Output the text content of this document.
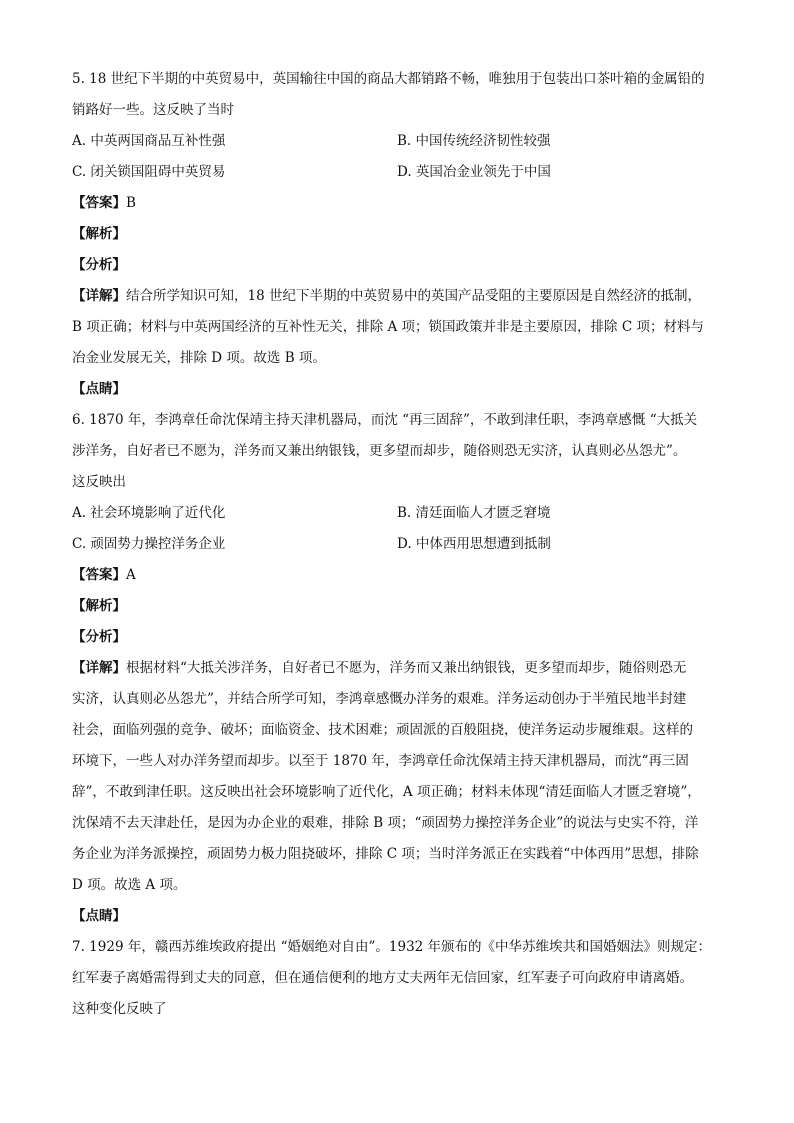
5. 18 世纪下半期的中英贸易中，英国输往中国的商品大都销路不畅，唯独用于包装出口茶叶箱的金属铅的
销路好一些。这反映了当时
A. 中英两国商品互补性强	B. 中国传统经济韧性较强
C. 闭关锁国阻碍中英贸易	D. 英国冶金业领先于中国
【答案】B
【解析】
【分析】
【详解】结合所学知识可知，18 世纪下半期的中英贸易中的英国产品受阻的主要原因是自然经济的抵制，
B 项正确；材料与中英两国经济的互补性无关，排除 A 项；锁国政策并非是主要原因，排除 C 项；材料与
冶金业发展无关，排除 D 项。故选 B 项。
【点睛】
6. 1870 年，李鸿章任命沈保靖主持天津机器局，而沈 “再三固辞”，不敢到津任职，李鸿章感慨 “大抵关
涉洋务，自好者已不愿为，洋务而又兼出纳银钱，更多望而却步，随俗则恐无实济，认真则必丛怨尤”。
这反映出
A. 社会环境影响了近代化	B. 清廷面临人才匮乏窘境
C. 顽固势力操控洋务企业	D. 中体西用思想遭到抵制
【答案】A
【解析】
【分析】
【详解】根据材料“大抵关涉洋务，自好者已不愿为，洋务而又兼出纳银钱，更多望而却步，随俗则恐无
实济，认真则必丛怨尤”，并结合所学可知，李鸿章感慨办洋务的艰难。洋务运动创办于半殖民地半封建
社会，面临列强的竞争、破坏；面临资金、技术困难；顽固派的百般阻挠，使洋务运动步履维艰。这样的
环境下，一些人对办洋务望而却步。以至于 1870 年，李鸿章任命沈保靖主持天津机器局，而沈“再三固
辞”，不敢到津任职。这反映出社会环境影响了近代化，A 项正确；材料未体现“清廷面临人才匮乏窘境”，
沈保靖不去天津赴任，是因为办企业的艰难，排除 B 项；“顽固势力操控洋务企业”的说法与史实不符，洋
务企业为洋务派操控，顽固势力极力阻挠破坏，排除 C 项；当时洋务派正在实践着“中体西用”思想，排除
D 项。故选 A 项。
【点睛】
7. 1929 年，赣西苏维埃政府提出 “婚姻绝对自由”。1932 年颁布的《中华苏维埃共和国婚姻法》则规定：
红军妻子离婚需得到丈夫的同意，但在通信便利的地方丈夫两年无信回家，红军妻子可向政府申请离婚。
这种变化反映了
